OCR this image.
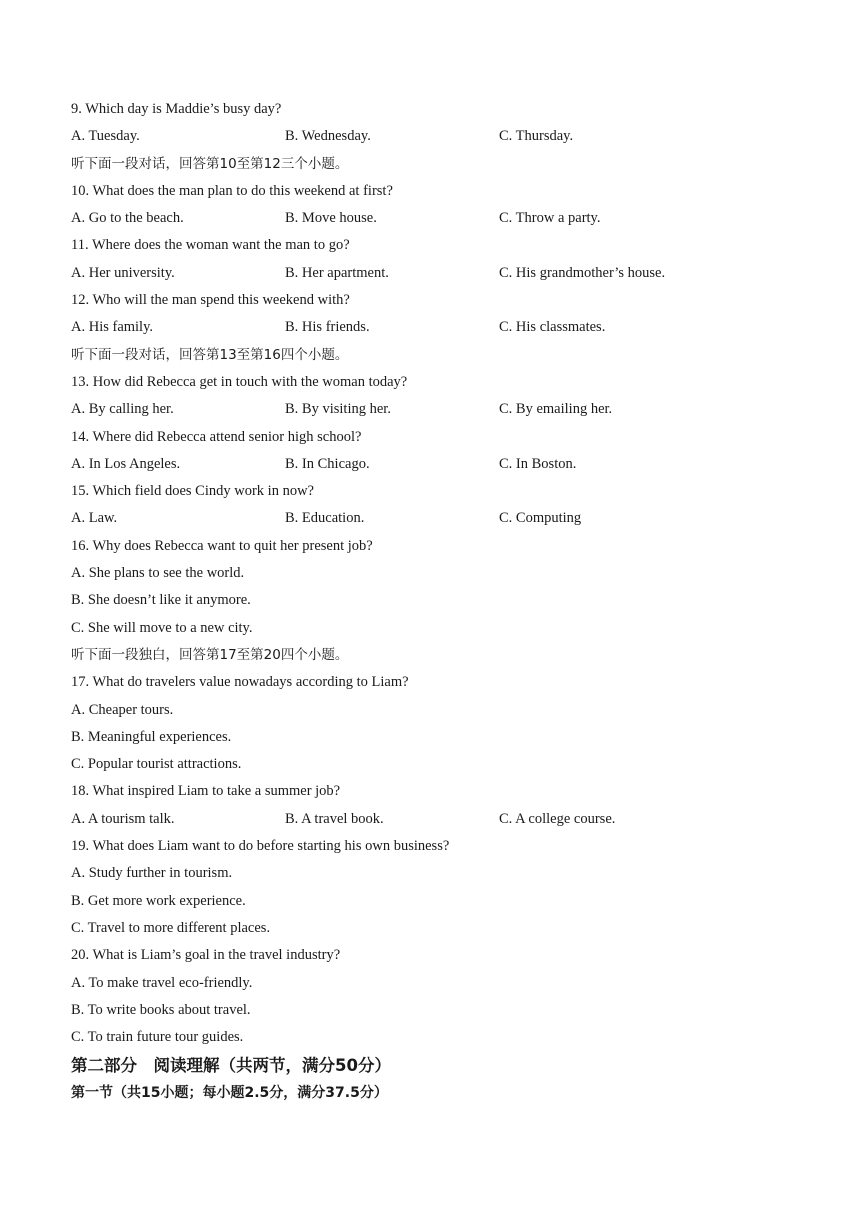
9. Which day is Maddie’s busy day?
A. Tuesday.	B. Wednesday.	C. Thursday.
听下面一段对话，回答第10至第12三个小题。
10. What does the man plan to do this weekend at first?
A. Go to the beach.	B. Move house.	C. Throw a party.
11. Where does the woman want the man to go?
A. Her university.	B. Her apartment.	C. His grandmother’s house.
12. Who will the man spend this weekend with?
A. His family.	B. His friends.	C. His classmates.
听下面一段对话，回答第13至第16四个小题。
13. How did Rebecca get in touch with the woman today?
A. By calling her.	B. By visiting her.	C. By emailing her.
14. Where did Rebecca attend senior high school?
A. In Los Angeles.	B. In Chicago.	C. In Boston.
15. Which field does Cindy work in now?
A. Law.	B. Education.	C. Computing
16. Why does Rebecca want to quit her present job?
A. She plans to see the world.
B. She doesn’t like it anymore.
C. She will move to a new city.
听下面一段独白，回答第17至第20四个小题。
17. What do travelers value nowadays according to Liam?
A. Cheaper tours.
B. Meaningful experiences.
C. Popular tourist attractions.
18. What inspired Liam to take a summer job?
A. A tourism talk.	B. A travel book.	C. A college course.
19. What does Liam want to do before starting his own business?
A. Study further in tourism.
B. Get more work experience.
C. Travel to more different places.
20. What is Liam’s goal in the travel industry?
A. To make travel eco-friendly.
B. To write books about travel.
C. To train future tour guides.
第二部分　阅读理解（共两节，满分50分）
第一节（共15小题；每小题2.5分，满分37.5分）
